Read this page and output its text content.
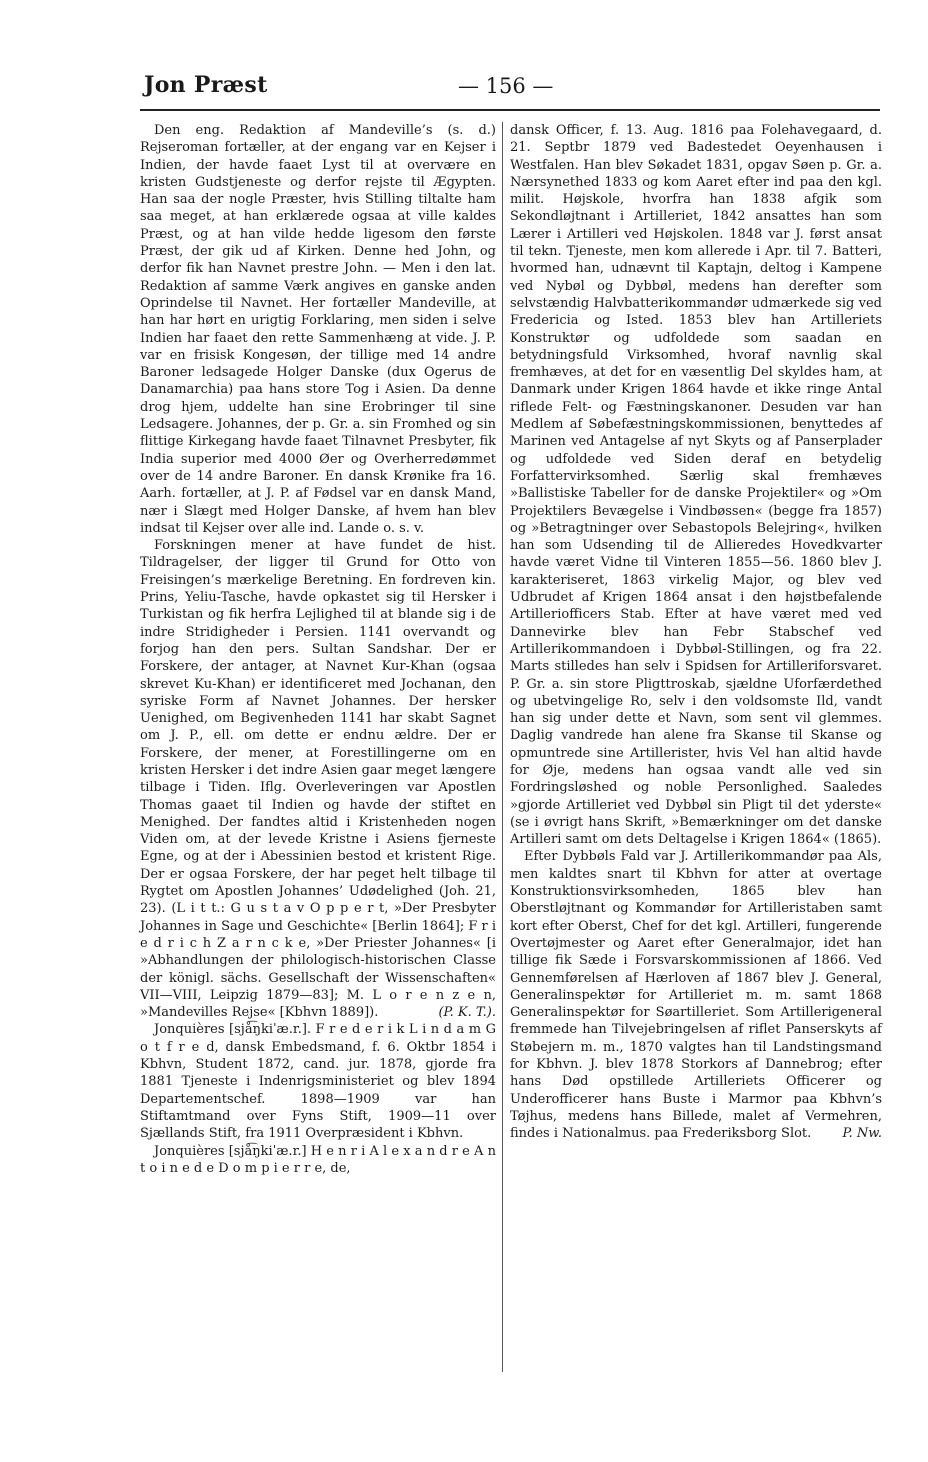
Jon Præst	— 156 —

Den eng. Redaktion af Mandeville’s (s. d.) Rejseroman fortæller, at der engang var en Kejser i Indien, der havde faaet Lyst til at overvære en kristen Gudstjeneste og derfor rejste til Ægypten. Han saa der nogle Præster, hvis Stilling tiltalte ham saa meget, at han erklærede ogsaa at ville kaldes Præst, og at han vilde hedde ligesom den første Præst, der gik ud af Kirken. Denne hed John, og derfor fik han Navnet prestre John. — Men i den lat. Redaktion af samme Værk angives en ganske anden Oprindelse til Navnet. Her fortæller Mandeville, at han har hørt en urigtig Forklaring, men siden i selve Indien har faaet den rette Sammenhæng at vide. J. P. var en frisisk Kongesøn, der tillige med 14 andre Baroner ledsagede Holger Danske (dux Ogerus de Danamarchia) paa hans store Tog i Asien. Da denne drog hjem, uddelte han sine Erobringer til sine Ledsagere. Johannes, der p. Gr. a. sin Fromhed og sin flittige Kirkegang havde faaet Tilnavnet Presbyter, fik India superior med 4000 Øer og Overherredømmet over de 14 andre Baroner. En dansk Krønike fra 16. Aarh. fortæller, at J. P. af Fødsel var en dansk Mand, nær i Slægt med Holger Danske, af hvem han blev indsat til Kejser over alle ind. Lande o. s. v.

Forskningen mener at have fundet de hist. Tildragelser, der ligger til Grund for Otto von Freisingen’s mærkelige Beretning. En fordreven kin. Prins, Yeliu-Tasche, havde opkastet sig til Hersker i Turkistan og fik herfra Lejlighed til at blande sig i de indre Stridigheder i Persien. 1141 overvandt og forjog han den pers. Sultan Sandshar. Der er Forskere, der antager, at Navnet Kur-Khan (ogsaa skrevet Ku-Khan) er identificeret med Jochanan, den syriske Form af Navnet Johannes. Der hersker Uenighed, om Begivenheden 1141 har skabt Sagnet om J. P., ell. om dette er endnu ældre. Der er Forskere, der mener, at Forestillingerne om en kristen Hersker i det indre Asien gaar meget længere tilbage i Tiden. Iflg. Overleveringen var Apostlen Thomas gaaet til Indien og havde der stiftet en Menighed. Der fandtes altid i Kristenheden nogen Viden om, at der levede Kristne i Asiens fjerneste Egne, og at der i Abessinien bestod et kristent Rige. Der er ogsaa Forskere, der har peget helt tilbage til Rygtet om Apostlen Johannes’ Udødelighed (Joh. 21, 23). (L i t t.: G u s t a v O p p e r t, »Der Presbyter Johannes in Sage und Geschichte« [Berlin 1864]; F r i e d r i c h Z a r n c k e, »Der Priester Johannes« [i »Abhandlungen der philologisch-historischen Classe der königl. sächs. Gesellschaft der Wissenschaften« VII—VIII, Leipzig 1879—83]; M. L o r e n z e n, »Mandevilles Rejse« [Kbhvn 1889]).	(P. K. T.).

Jonquières [sjå͡ŋkiˈæ.r.]. F r e d e r i k L i n d a m G o t f r e d, dansk Embedsmand, f. 6. Oktbr 1854 i Kbhvn, Student 1872, cand. jur. 1878, gjorde fra 1881 Tjeneste i Indenrigsministeriet og blev 1894 Departementschef. 1898—1909 var han Stiftamtmand over Fyns Stift, 1909—11 over Sjællands Stift, fra 1911 Overpræsident i Kbhvn.

Jonquières [sjå͡ŋkiˈæ.r.] H e n r i A l e x a n d r e A n t o i n e d e D o m p i e r r e, de,

dansk Officer, f. 13. Aug. 1816 paa Folehavegaard, d. 21. Septbr 1879 ved Badestedet Oeyenhausen i Westfalen. Han blev Søkadet 1831, opgav Søen p. Gr. a. Nærsynethed 1833 og kom Aaret efter ind paa den kgl. milit. Højskole, hvorfra han 1838 afgik som Sekondløjtnant i Artilleriet, 1842 ansattes han som Lærer i Artilleri ved Højskolen. 1848 var J. først ansat til tekn. Tjeneste, men kom allerede i Apr. til 7. Batteri, hvormed han, udnævnt til Kaptajn, deltog i Kampene ved Nybøl og Dybbøl, medens han derefter som selvstændig Halvbatterikommandør udmærkede sig ved Fredericia og Isted. 1853 blev han Artilleriets Konstruktør og udfoldede som saadan en betydningsfuld Virksomhed, hvoraf navnlig skal fremhæves, at det for en væsentlig Del skyldes ham, at Danmark under Krigen 1864 havde et ikke ringe Antal riflede Felt- og Fæstningskanoner. Desuden var han Medlem af Søbefæstningskommissionen, benyttedes af Marinen ved Antagelse af nyt Skyts og af Panserplader og udfoldede ved Siden deraf en betydelig Forfattervirksomhed. Særlig skal fremhæves »Ballistiske Tabeller for de danske Projektiler« og »Om Projektilers Bevægelse i Vindbøssen« (begge fra 1857) og »Betragtninger over Sebastopols Belejring«, hvilken han som Udsending til de Allieredes Hovedkvarter havde været Vidne til Vinteren 1855—56. 1860 blev J. karakteriseret, 1863 virkelig Major, og blev ved Udbrudet af Krigen 1864 ansat i den højstbefalende Artilleriofficers Stab. Efter at have været med ved Dannevirke blev han Febr Stabschef ved Artillerikommandoen i Dybbøl-Stillingen, og fra 22. Marts stilledes han selv i Spidsen for Artilleriforsvaret. P. Gr. a. sin store Pligttroskab, sjældne Uforfærdethed og ubetvingelige Ro, selv i den voldsomste Ild, vandt han sig under dette et Navn, som sent vil glemmes. Daglig vandrede han alene fra Skanse til Skanse og opmuntrede sine Artillerister, hvis Vel han altid havde for Øje, medens han ogsaa vandt alle ved sin Fordringsløshed og noble Personlighed. Saaledes »gjorde Artilleriet ved Dybbøl sin Pligt til det yderste« (se i øvrigt hans Skrift, »Bemærkninger om det danske Artilleri samt om dets Deltagelse i Krigen 1864« (1865).

Efter Dybbøls Fald var J. Artillerikommandør paa Als, men kaldtes snart til Kbhvn for atter at overtage Konstruktionsvirksomheden, 1865 blev han Oberstløjtnant og Kommandør for Artilleristaben samt kort efter Oberst, Chef for det kgl. Artilleri, fungerende Overtøjmester og Aaret efter Generalmajor, idet han tillige fik Sæde i Forsvarskommissionen af 1866. Ved Gennemførelsen af Hærloven af 1867 blev J. General, Generalinspektør for Artilleriet m. m. samt 1868 Generalinspektør for Søartilleriet. Som Artillerigeneral fremmede han Tilvejebringelsen af riflet Panserskyts af Støbejern m. m., 1870 valgtes han til Landstingsmand for Kbhvn. J. blev 1878 Storkors af Dannebrog; efter hans Død opstillede Artilleriets Officerer og Underofficerer hans Buste i Marmor paa Kbhvn’s Tøjhus, medens hans Billede, malet af Vermehren, findes i Nationalmus. paa Frederiksborg Slot.	P. Nw.
